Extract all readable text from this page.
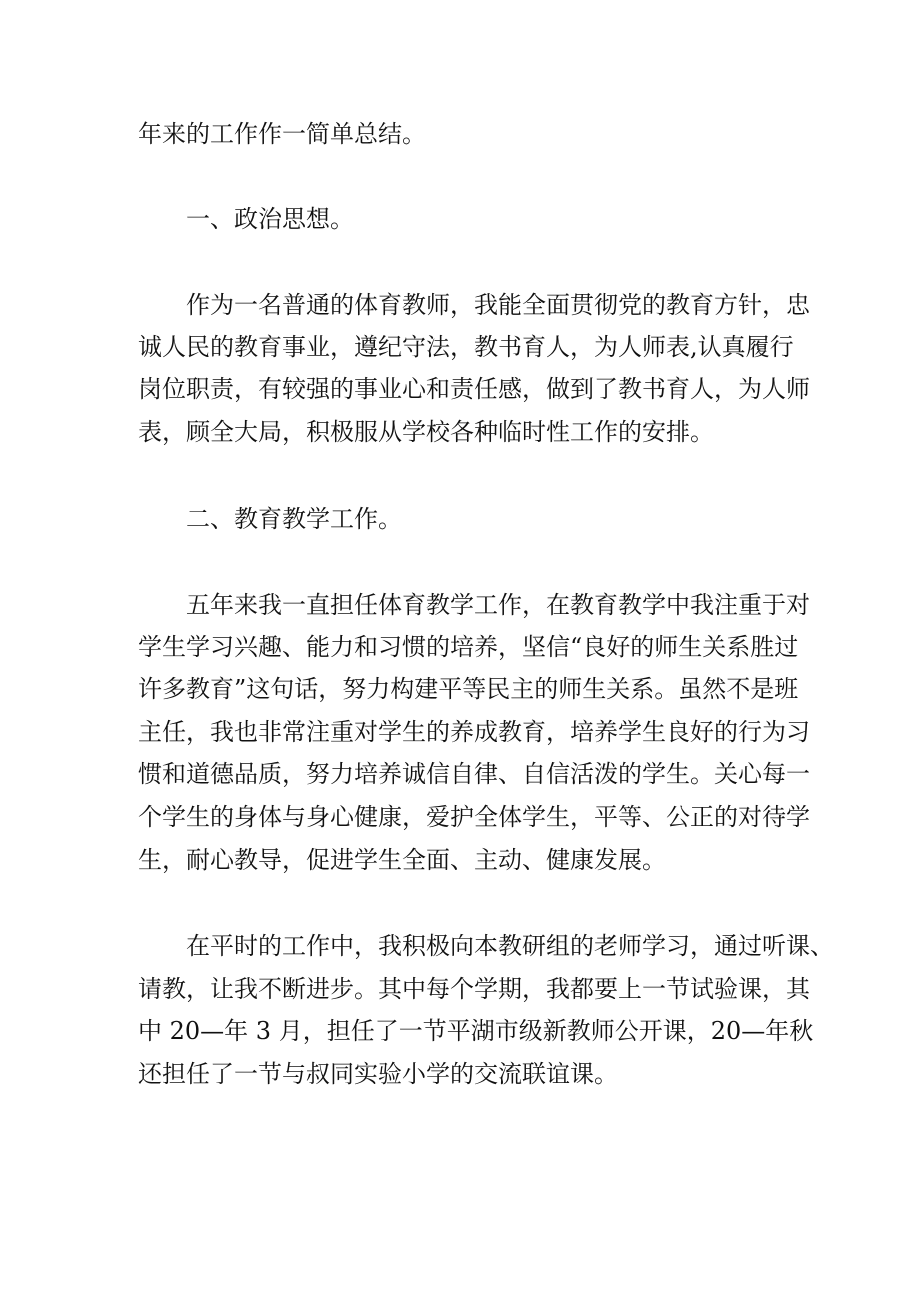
年来的工作作一简单总结。
一、政治思想。
作为一名普通的体育教师，我能全面贯彻党的教育方针，忠
诚人民的教育事业，遵纪守法，教书育人，为人师表,认真履行
岗位职责，有较强的事业心和责任感，做到了教书育人，为人师
表，顾全大局，积极服从学校各种临时性工作的安排。
二、教育教学工作。
五年来我一直担任体育教学工作，在教育教学中我注重于对
学生学习兴趣、能力和习惯的培养，坚信“良好的师生关系胜过
许多教育”这句话，努力构建平等民主的师生关系。虽然不是班
主任，我也非常注重对学生的养成教育，培养学生良好的行为习
惯和道德品质，努力培养诚信自律、自信活泼的学生。关心每一
个学生的身体与身心健康，爱护全体学生，平等、公正的对待学
生，耐心教导，促进学生全面、主动、健康发展。
在平时的工作中，我积极向本教研组的老师学习，通过听课、
请教，让我不断进步。其中每个学期，我都要上一节试验课，其
中 20—年 3 月，担任了一节平湖市级新教师公开课，20—年秋
还担任了一节与叔同实验小学的交流联谊课。
